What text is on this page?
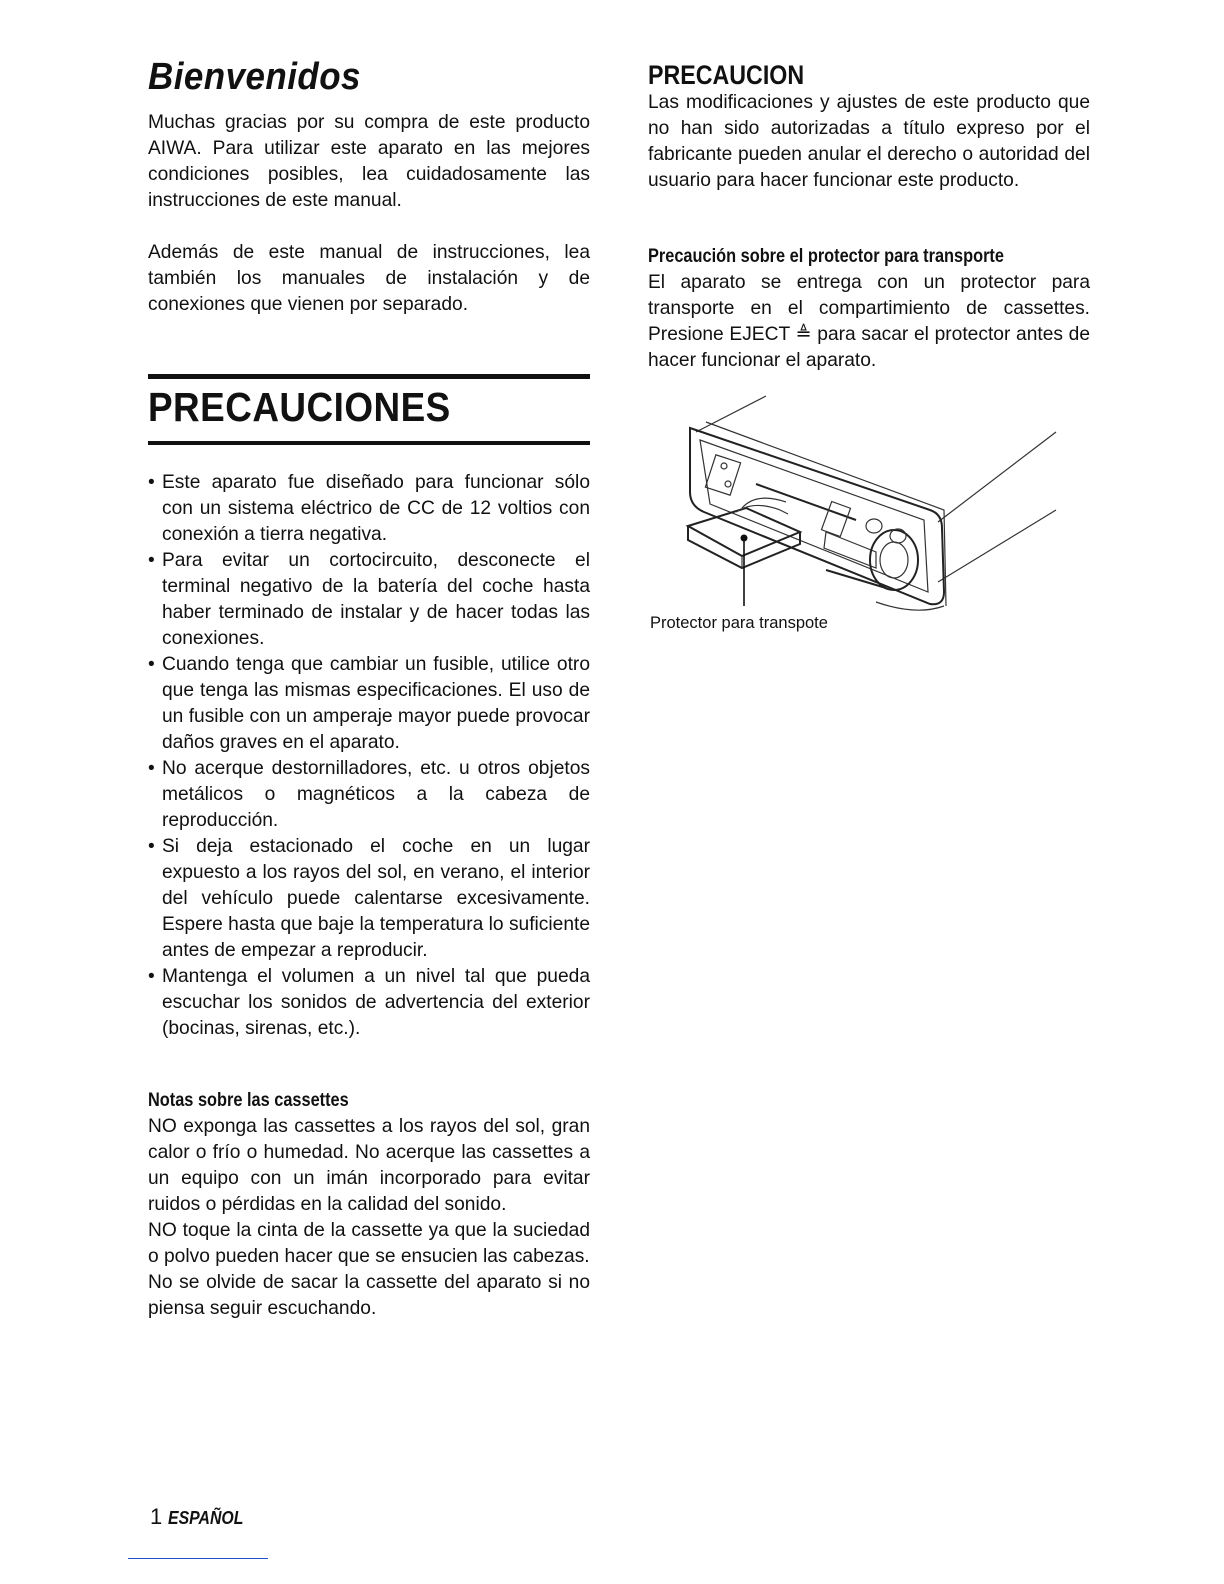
Bienvenidos

Muchas gracias por su compra de este producto AIWA. Para utilizar este aparato en las mejores condiciones posibles, lea cuidadosamente las instrucciones de este manual.

Además de este manual de instrucciones, lea también los manuales de instalación y de conexiones que vienen por separado.

PRECAUCIONES
• Este aparato fue diseñado para funcionar sólo con un sistema eléctrico de CC de 12 voltios con conexión a tierra negativa.
• Para evitar un cortocircuito, desconecte el terminal negativo de la batería del coche hasta haber terminado de instalar y de hacer todas las conexiones.
• Cuando tenga que cambiar un fusible, utilice otro que tenga las mismas especificaciones. El uso de un fusible con un amperaje mayor puede provocar daños graves en el aparato.
• No acerque destornilladores, etc. u otros objetos metálicos o magnéticos a la cabeza de reproducción.
• Si deja estacionado el coche en un lugar expuesto a los rayos del sol, en verano, el interior del vehículo puede calentarse excesivamente. Espere hasta que baje la temperatura lo suficiente antes de empezar a reproducir.
• Mantenga el volumen a un nivel tal que pueda escuchar los sonidos de advertencia del exterior (bocinas, sirenas, etc.).
Notas sobre las cassettes

NO exponga las cassettes a los rayos del sol, gran calor o frío o humedad. No acerque las cassettes a un equipo con un imán incorporado para evitar ruidos o pérdidas en la calidad del sonido.

NO toque la cinta de la cassette ya que la suciedad o polvo pueden hacer que se ensucien las cabezas.

No se olvide de sacar la cassette del aparato si no piensa seguir escuchando.

PRECAUCION

Las modificaciones y ajustes de este producto que no han sido autorizadas a título expreso por el fabricante pueden anular el derecho o autoridad del usuario para hacer funcionar este producto.

Precaución sobre el protector para transporte

El aparato se entrega con un protector para transporte en el compartimiento de cassettes. Presione EJECT ≜ para sacar el protector antes de hacer funcionar el aparato.

Protector para transpote

1 ESPAÑOL
